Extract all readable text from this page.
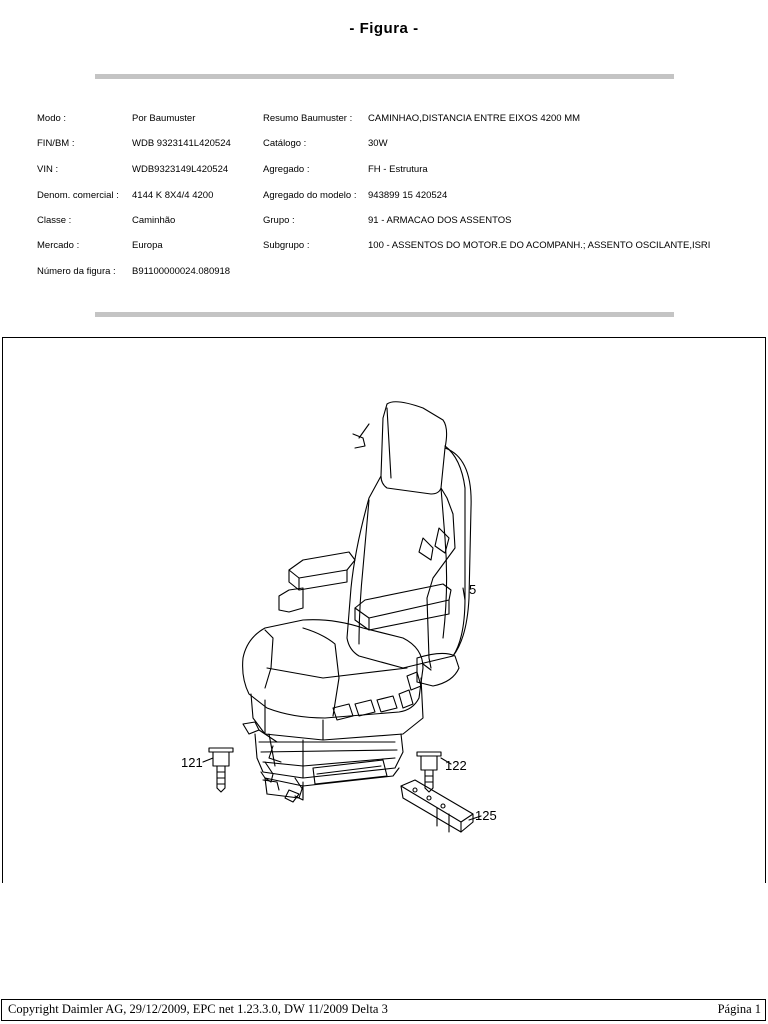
- Figura -
Modo :	Por Baumuster	Resumo Baumuster : CAMINHAO,DISTANCIA ENTRE EIXOS 4200 MM
FIN/BM :	WDB 9323141L420524	Catálogo :	30W
VIN :	WDB9323149L420524	Agregado :	FH - Estrutura
Denom. comercial : 4144 K 8X4/4 4200	Agregado do modelo : 943899 15 420524
Classe :	Caminhão	Grupo :	91 - ARMACAO DOS ASSENTOS
Mercado :	Europa	Subgrupo :	100 - ASSENTOS DO MOTOR.E DO ACOMPANH.; ASSENTO OSCILANTE,ISRI
Número da figura : B91100000024.080918
5
121	122
125
Copyright Daimler AG, 29/12/2009, EPC net 1.23.3.0, DW 11/2009 Delta 3	Página 1
